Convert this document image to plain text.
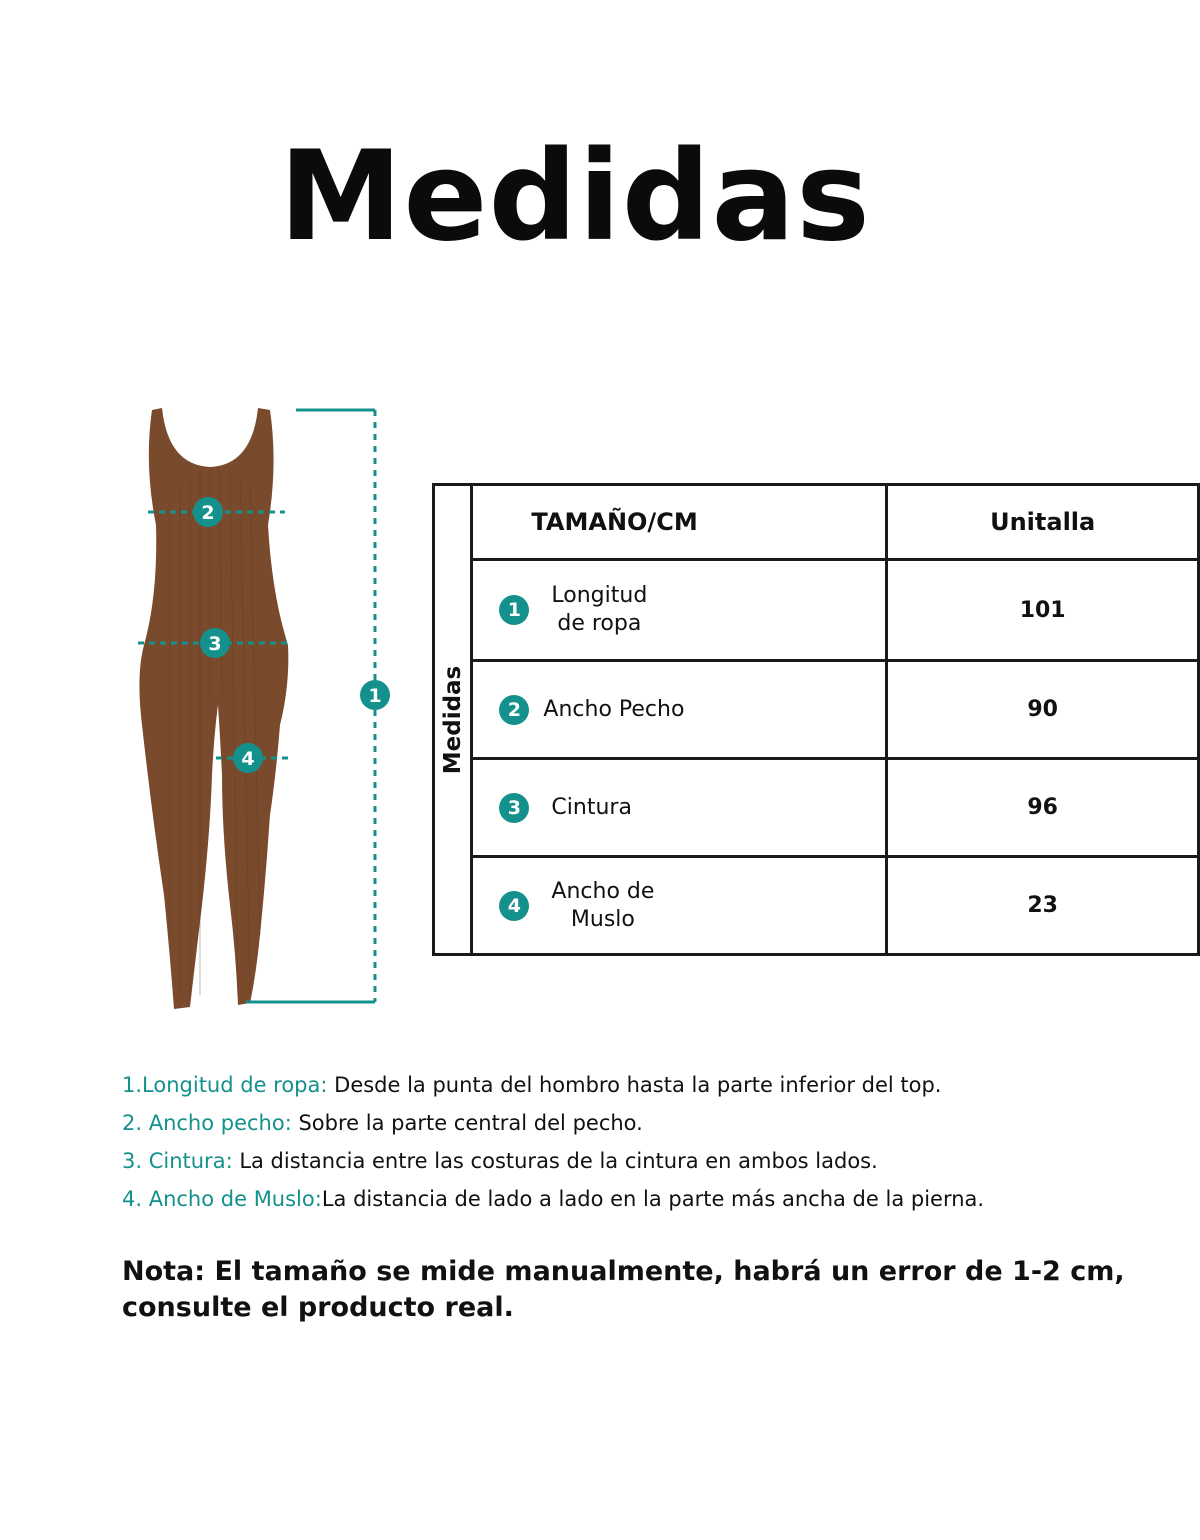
Medidas
1
2
3
4	Medidas	TAMAÑO/CM	Unitalla

1
Longitud
de ropa	101

2 Ancho Pecho	90

3 Cintura	96

4
Ancho de
Muslo	23
1.Longitud de ropa: Desde la punta del hombro hasta la parte inferior del top.
2. Ancho pecho: Sobre la parte central del pecho.
3. Cintura: La distancia entre las costuras de la cintura en ambos lados.
4. Ancho de Muslo:La distancia de lado a lado en la parte más ancha de la pierna.

Nota: El tamaño se mide manualmente, habrá un error de 1-2 cm, consulte el producto real.
